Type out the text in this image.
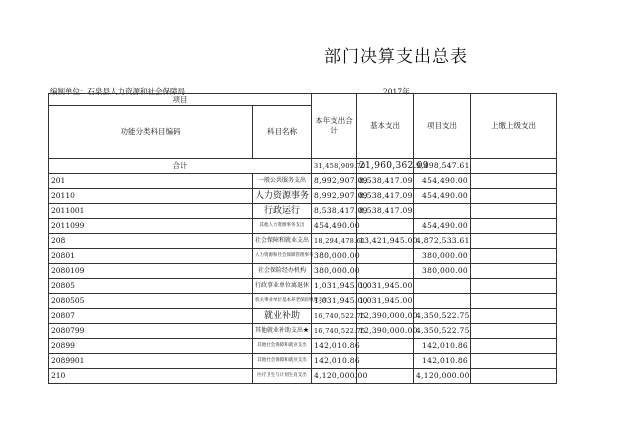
部门决算支出总表
编制单位：石泉县人力资源和社会保障局	2017年
项目		本年支出合计	基本支出	项目支出	上缴上级支出
功能分类科目编码	科目名称				
合计		31,458,909.70	21,960,362.09	9,498,547.61	
201	一般公共服务支出	8,992,907.09	8,538,417.09	454,490.00	
20110	人力资源事务	8,992,907.09	8,538,417.09	454,490.00	
2011001	行政运行	8,538,417.09	8,538,417.09		
2011099	其他人力资源事务支出	454,490.00		454,490.00	
208	社会保障和就业支出	18,294,478.61	13,421,945.00	4,872,533.61	
20801	人力资源和社会保障管理事务	380,000.00		380,000.00	
2080109	社会保险经办机构	380,000.00		380,000.00	
20805	行政事业单位离退休	1,031,945.00	1,031,945.00		
2080505	机关事业单位基本养老保险缴费支出	1,031,945.00	1,031,945.00		
20807	就业补助	16,740,522.75	12,390,000.00	4,350,522.75	
2080799	其他就业补助支出★	16,740,522.75	12,390,000.00	4,350,522.75	
20899	其他社会保障和就业支出	142,010.86		142,010.86	
2089901	其他社会保障和就业支出	142,010.86		142,010.86	
210	医疗卫生与计划生育支出	4,120,000.00		4,120,000.00	
